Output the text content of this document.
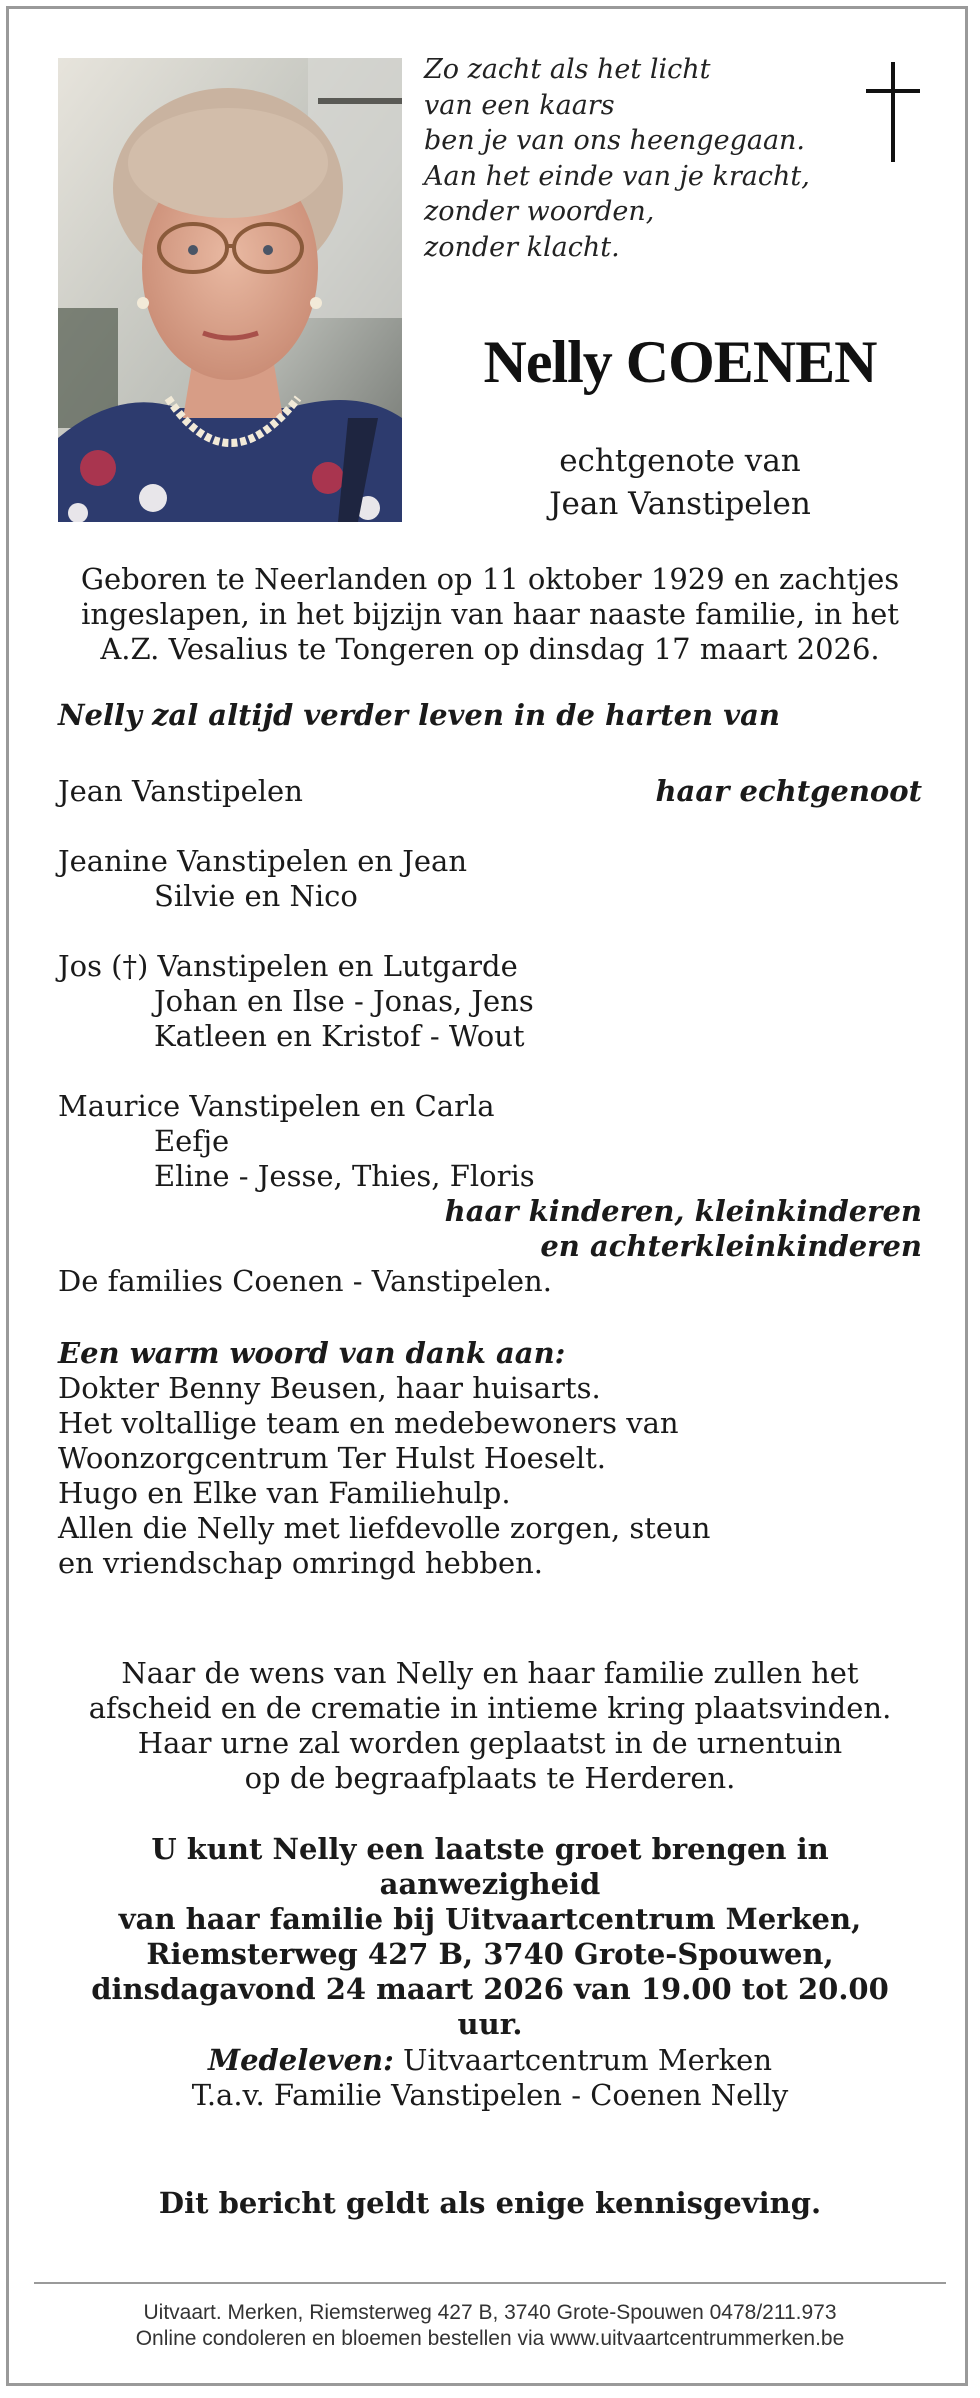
Zo zacht als het licht
van een kaars
ben je van ons heengegaan.
Aan het einde van je kracht,
zonder woorden,
zonder klacht.
Nelly COENEN
echtgenote van
Jean Vanstipelen
Geboren te Neerlanden op 11 oktober 1929 en zachtjes
ingeslapen, in het bijzijn van haar naaste familie, in het
A.Z. Vesalius te Tongeren op dinsdag 17 maart 2026.
Nelly zal altijd verder leven in de harten van
Jean Vanstipelen	haar echtgenoot
Jeanine Vanstipelen en Jean
Silvie en Nico
Jos (†) Vanstipelen en Lutgarde
Johan en Ilse - Jonas, Jens
Katleen en Kristof - Wout
Maurice Vanstipelen en Carla
Eefje
Eline - Jesse, Thies, Floris
haar kinderen, kleinkinderen
en achterkleinkinderen
De families Coenen - Vanstipelen.
Een warm woord van dank aan:
Dokter Benny Beusen, haar huisarts.
Het voltallige team en medebewoners van
Woonzorgcentrum Ter Hulst Hoeselt.
Hugo en Elke van Familiehulp.
Allen die Nelly met liefdevolle zorgen, steun
en vriendschap omringd hebben.
Naar de wens van Nelly en haar familie zullen het
afscheid en de crematie in intieme kring plaatsvinden.
Haar urne zal worden geplaatst in de urnentuin
op de begraafplaats te Herderen.
U kunt Nelly een laatste groet brengen in aanwezigheid
van haar familie bij Uitvaartcentrum Merken,
Riemsterweg 427 B, 3740 Grote-Spouwen,
dinsdagavond 24 maart 2026 van 19.00 tot 20.00 uur.
Medeleven: Uitvaartcentrum Merken
T.a.v. Familie Vanstipelen - Coenen Nelly
Dit bericht geldt als enige kennisgeving.
Uitvaart. Merken, Riemsterweg 427 B, 3740 Grote-Spouwen 0478/211.973
Online condoleren en bloemen bestellen via www.uitvaartcentrummerken.be
